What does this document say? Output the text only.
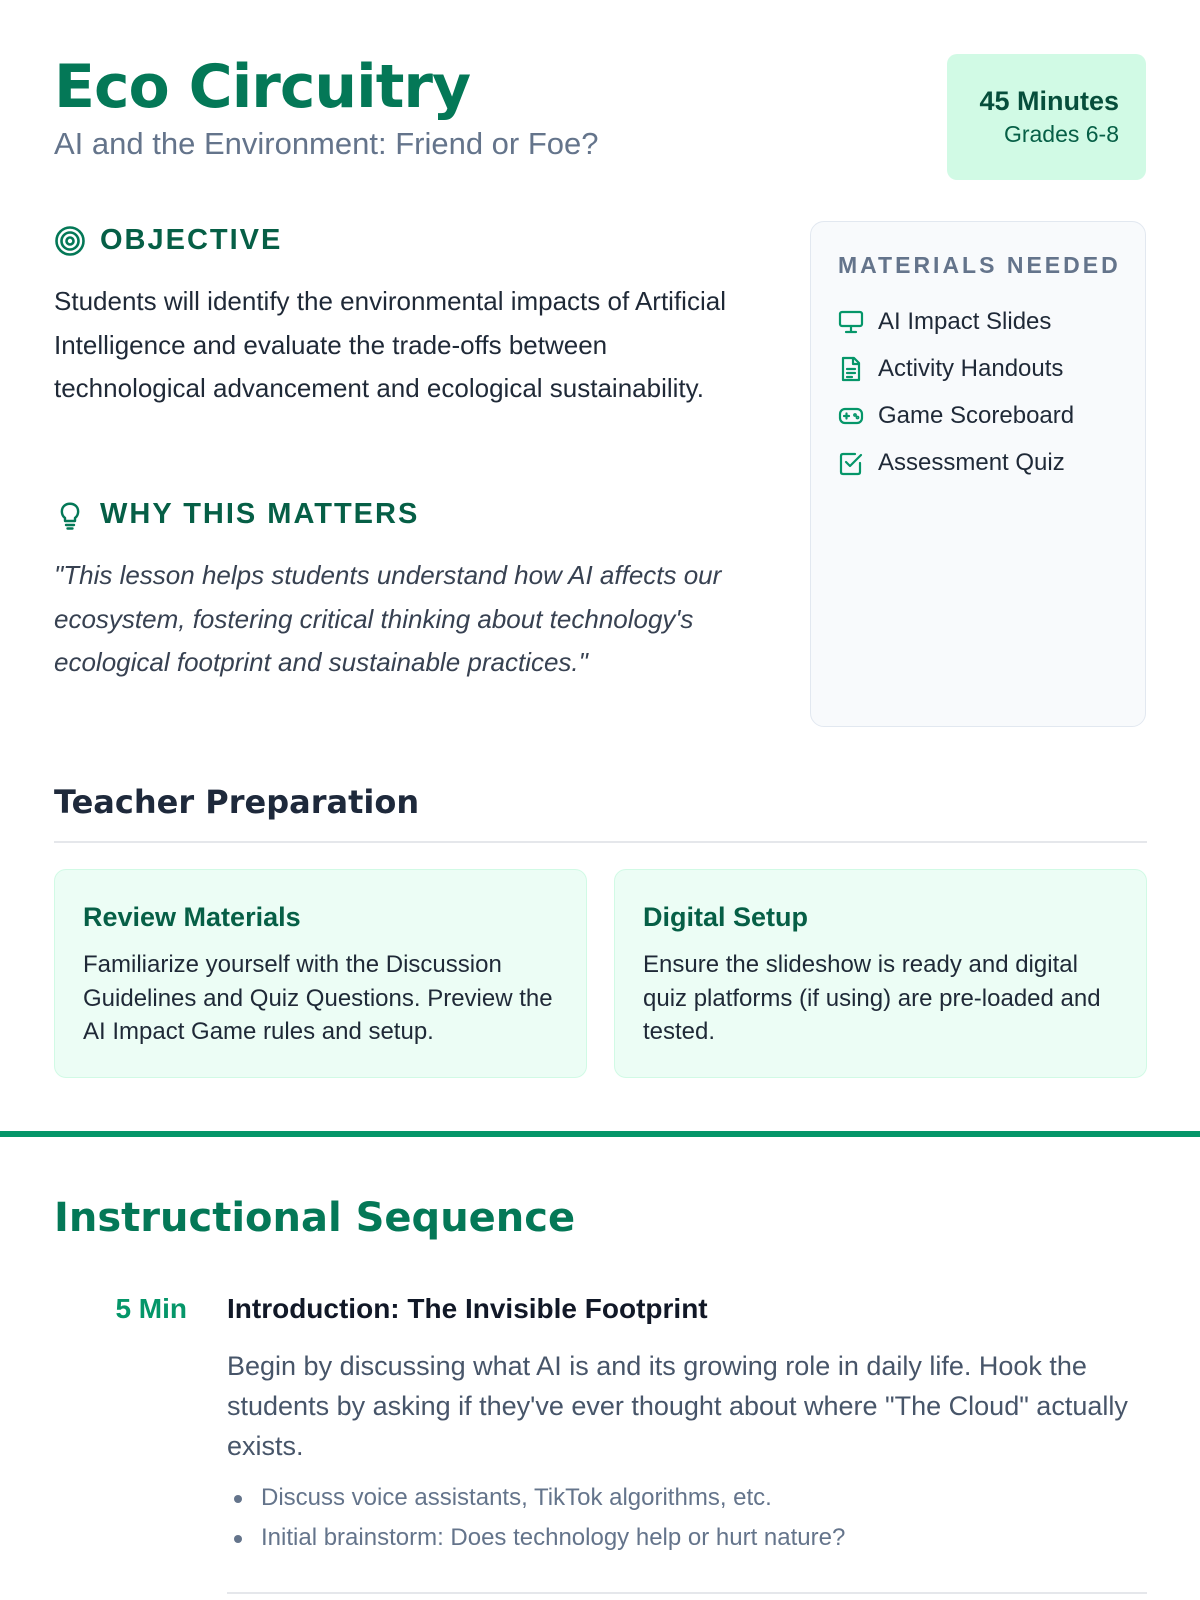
Eco Circuitry

AI and the Environment: Friend or Foe?

45 Minutes
Grades 6-8
OBJECTIVE

Students will identify the environmental impacts of Artificial Intelligence and evaluate the trade-offs between technological advancement and ecological sustainability.

WHY THIS MATTERS

"This lesson helps students understand how AI affects our ecosystem, fostering critical thinking about technology's ecological footprint and sustainable practices."

MATERIALS NEEDED
AI Impact Slides
Activity Handouts
Game Scoreboard
Assessment Quiz
Teacher Preparation
Review Materials

Familiarize yourself with the Discussion Guidelines and Quiz Questions. Preview the AI Impact Game rules and setup.

Digital Setup

Ensure the slideshow is ready and digital quiz platforms (if using) are pre-loaded and tested.

Instructional Sequence
5 Min Introduction: The Invisible Footprint

Begin by discussing what AI is and its growing role in daily life. Hook the students by asking if they've ever thought about where "The Cloud" actually exists.

Discuss voice assistants, TikTok algorithms, etc.
Initial brainstorm: Does technology help or hurt nature?
